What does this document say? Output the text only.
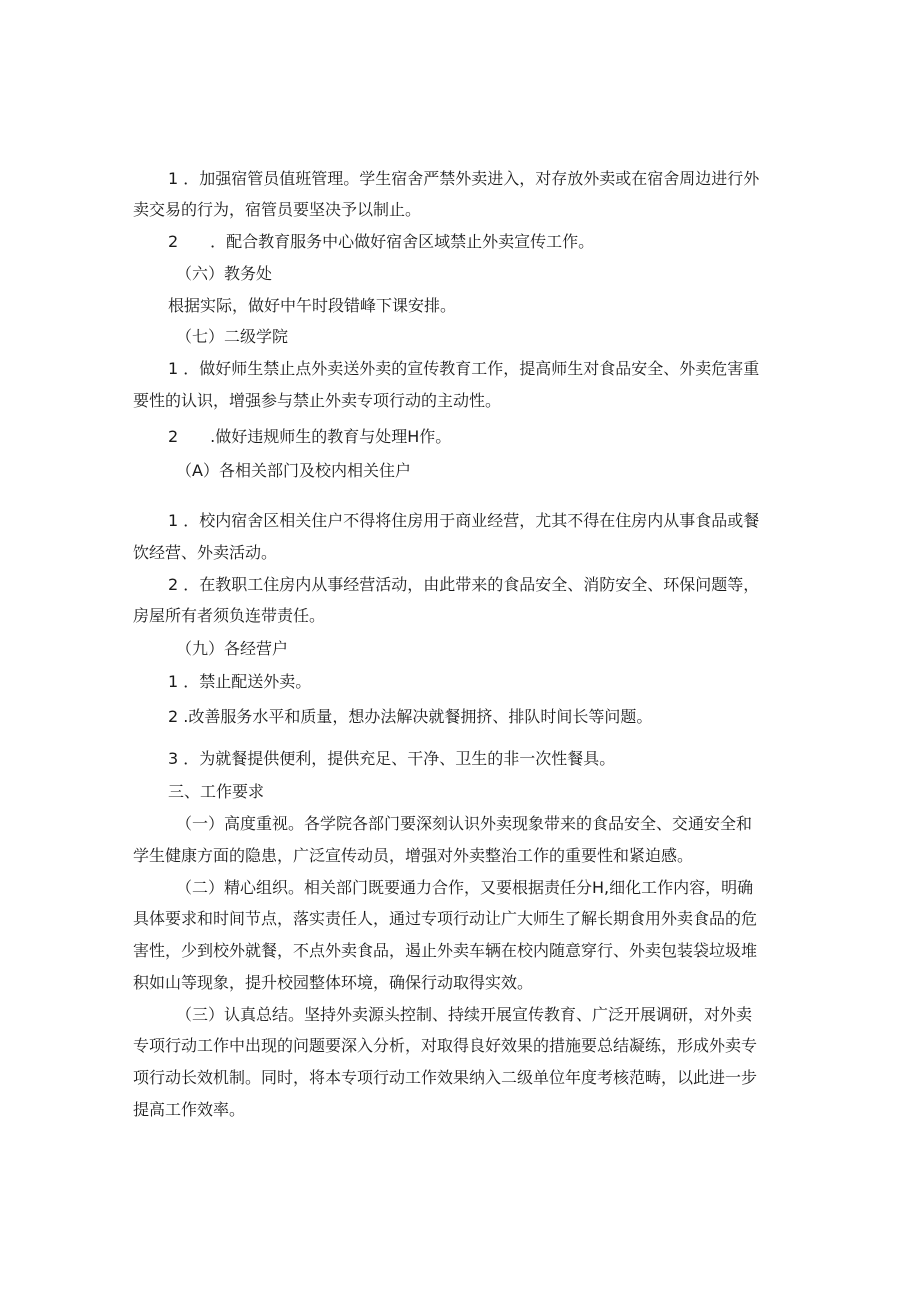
1 ．加强宿管员值班管理。学生宿舍严禁外卖进入，对存放外卖或在宿舍周边进行外

卖交易的行为，宿管员要坚决予以制止。

2　　．配合教育服务中心做好宿舍区域禁止外卖宣传工作。

（六）教务处

根据实际，做好中午时段错峰下课安排。

（七）二级学院

1 ．做好师生禁止点外卖送外卖的宣传教育工作，提高师生对食品安全、外卖危害重

要性的认识，增强参与禁止外卖专项行动的主动性。

2　　.做好违规师生的教育与处理H作。

（A）各相关部门及校内相关住户

1 ．校内宿舍区相关住户不得将住房用于商业经营，尤其不得在住房内从事食品或餐

饮经营、外卖活动。

2 ．在教职工住房内从事经营活动，由此带来的食品安全、消防安全、环保问题等，

房屋所有者须负连带责任。

（九）各经营户

1 ．禁止配送外卖。

2 .改善服务水平和质量，想办法解决就餐拥挤、排队时间长等问题。

3 ．为就餐提供便利，提供充足、干净、卫生的非一次性餐具。

三、工作要求

（一）高度重视。各学院各部门要深刻认识外卖现象带来的食品安全、交通安全和

学生健康方面的隐患，广泛宣传动员，增强对外卖整治工作的重要性和紧迫感。

（二）精心组织。相关部门既要通力合作，又要根据责任分H,细化工作内容，明确

具体要求和时间节点，落实责任人，通过专项行动让广大师生了解长期食用外卖食品的危

害性，少到校外就餐，不点外卖食品，遏止外卖车辆在校内随意穿行、外卖包装袋垃圾堆

积如山等现象，提升校园整体环境，确保行动取得实效。

（三）认真总结。坚持外卖源头控制、持续开展宣传教育、广泛开展调研，对外卖

专项行动工作中出现的问题要深入分析，对取得良好效果的措施要总结凝练，形成外卖专

项行动长效机制。同时，将本专项行动工作效果纳入二级单位年度考核范畴，以此进一步

提高工作效率。
